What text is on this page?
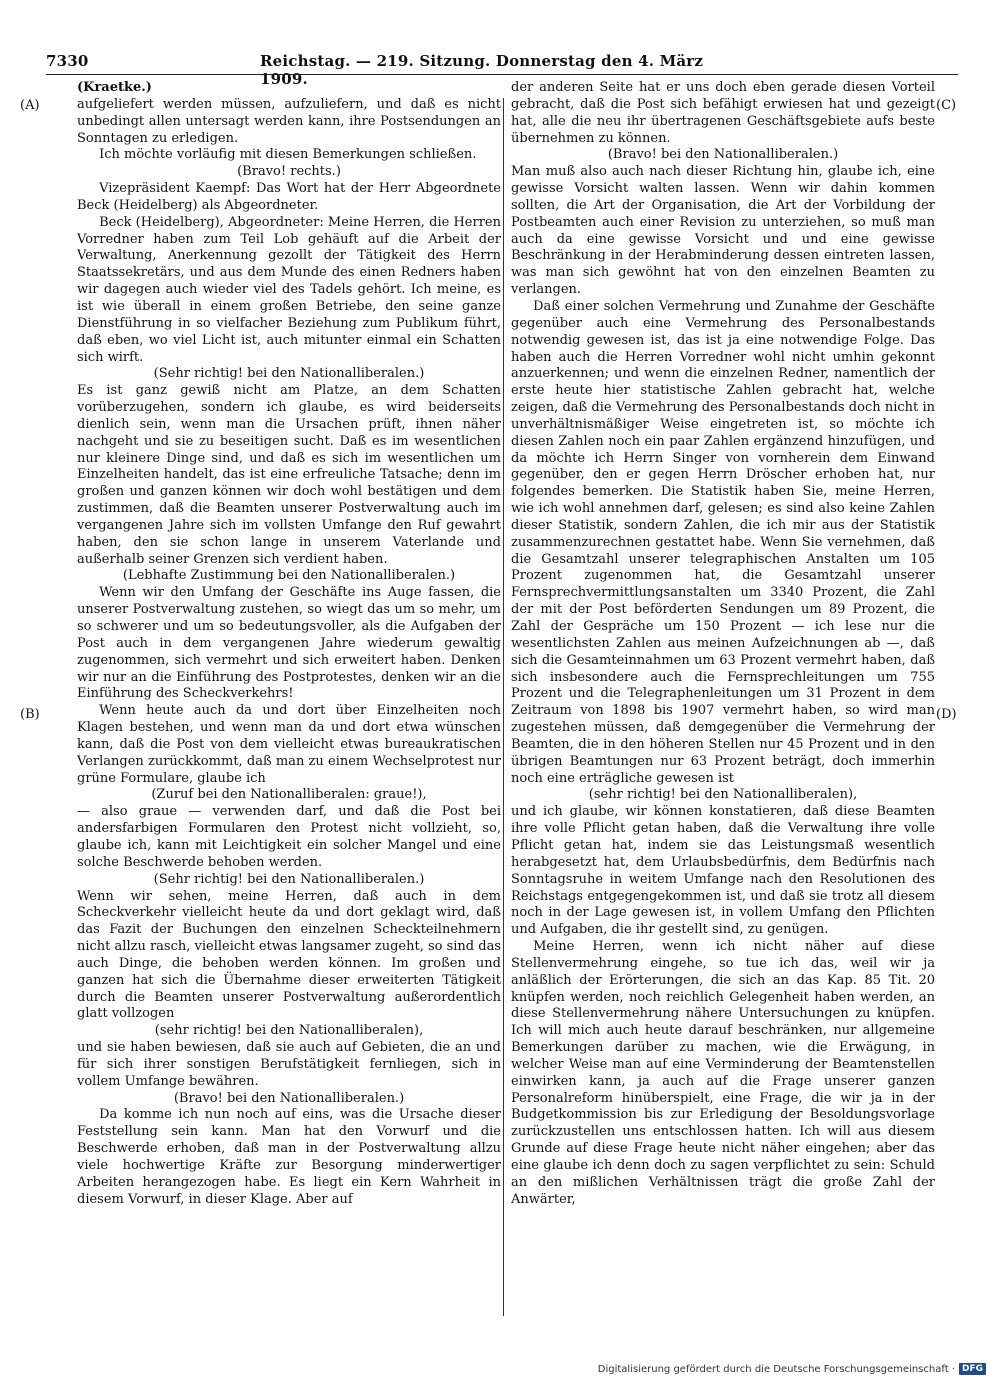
7330	Reichstag. — 219. Sitzung. Donnerstag den 4. März 1909.
(A)
(B)
(C)
(D)

(Kraetke.)

aufgeliefert werden müssen, aufzuliefern, und daß es nicht unbedingt allen untersagt werden kann, ihre Postsendungen an Sonntagen zu erledigen.

Ich möchte vorläufig mit diesen Bemerkungen schließen.

(Bravo! rechts.)

Vizepräsident Kaempf: Das Wort hat der Herr Abgeordnete Beck (Heidelberg) als Abgeordneter.

Beck (Heidelberg), Abgeordneter: Meine Herren, die Herren Vorredner haben zum Teil Lob gehäuft auf die Arbeit der Verwaltung, Anerkennung gezollt der Tätigkeit des Herrn Staatssekretärs, und aus dem Munde des einen Redners haben wir dagegen auch wieder viel des Tadels gehört. Ich meine, es ist wie überall in einem großen Betriebe, den seine ganze Dienstführung in so vielfacher Beziehung zum Publikum führt, daß eben, wo viel Licht ist, auch mitunter einmal ein Schatten sich wirft.

(Sehr richtig! bei den Nationalliberalen.)

Es ist ganz gewiß nicht am Platze, an dem Schatten vorüberzugehen, sondern ich glaube, es wird beiderseits dienlich sein, wenn man die Ursachen prüft, ihnen näher nachgeht und sie zu beseitigen sucht. Daß es im wesentlichen nur kleinere Dinge sind, und daß es sich im wesentlichen um Einzelheiten handelt, das ist eine erfreuliche Tatsache; denn im großen und ganzen können wir doch wohl bestätigen und dem zustimmen, daß die Beamten unserer Postverwaltung auch im vergangenen Jahre sich im vollsten Umfange den Ruf gewahrt haben, den sie schon lange in unserem Vaterlande und außerhalb seiner Grenzen sich verdient haben.

(Lebhafte Zustimmung bei den Nationalliberalen.)

Wenn wir den Umfang der Geschäfte ins Auge fassen, die unserer Postverwaltung zustehen, so wiegt das um so mehr, um so schwerer und um so bedeutungsvoller, als die Aufgaben der Post auch in dem vergangenen Jahre wiederum gewaltig zugenommen, sich vermehrt und sich erweitert haben. Denken wir nur an die Einführung des Postprotestes, denken wir an die Einführung des Scheckverkehrs!

Wenn heute auch da und dort über Einzelheiten noch Klagen bestehen, und wenn man da und dort etwa wünschen kann, daß die Post von dem vielleicht etwas bureaukratischen Verlangen zurückkommt, daß man zu einem Wechselprotest nur grüne Formulare, glaube ich

(Zuruf bei den Nationalliberalen: graue!),

— also graue — verwenden darf, und daß die Post bei andersfarbigen Formularen den Protest nicht vollzieht, so, glaube ich, kann mit Leichtigkeit ein solcher Mangel und eine solche Beschwerde behoben werden.

(Sehr richtig! bei den Nationalliberalen.)

Wenn wir sehen, meine Herren, daß auch in dem Scheckverkehr vielleicht heute da und dort geklagt wird, daß das Fazit der Buchungen den einzelnen Scheckteilnehmern nicht allzu rasch, vielleicht etwas langsamer zugeht, so sind das auch Dinge, die behoben werden können. Im großen und ganzen hat sich die Übernahme dieser erweiterten Tätigkeit durch die Beamten unserer Postverwaltung außerordentlich glatt vollzogen

(sehr richtig! bei den Nationalliberalen),

und sie haben bewiesen, daß sie auch auf Gebieten, die an und für sich ihrer sonstigen Berufstätigkeit fernliegen, sich in vollem Umfange bewähren.

(Bravo! bei den Nationalliberalen.)

Da komme ich nun noch auf eins, was die Ursache dieser Feststellung sein kann. Man hat den Vorwurf und die Beschwerde erhoben, daß man in der Postverwaltung allzu viele hochwertige Kräfte zur Besorgung minderwertiger Arbeiten herangezogen habe. Es liegt ein Kern Wahrheit in diesem Vorwurf, in dieser Klage. Aber auf

der anderen Seite hat er uns doch eben gerade diesen Vorteil gebracht, daß die Post sich befähigt erwiesen hat und gezeigt hat, alle die neu ihr übertragenen Geschäftsgebiete aufs beste übernehmen zu können.

(Bravo! bei den Nationalliberalen.)

Man muß also auch nach dieser Richtung hin, glaube ich, eine gewisse Vorsicht walten lassen. Wenn wir dahin kommen sollten, die Art der Organisation, die Art der Vorbildung der Postbeamten auch einer Revision zu unterziehen, so muß man auch da eine gewisse Vorsicht und und eine gewisse Beschränkung in der Herabminderung dessen eintreten lassen, was man sich gewöhnt hat von den einzelnen Beamten zu verlangen.

Daß einer solchen Vermehrung und Zunahme der Geschäfte gegenüber auch eine Vermehrung des Personalbestands notwendig gewesen ist, das ist ja eine notwendige Folge. Das haben auch die Herren Vorredner wohl nicht umhin gekonnt anzuerkennen; und wenn die einzelnen Redner, namentlich der erste heute hier statistische Zahlen gebracht hat, welche zeigen, daß die Vermehrung des Personalbestands doch nicht in unverhältnismäßiger Weise eingetreten ist, so möchte ich diesen Zahlen noch ein paar Zahlen ergänzend hinzufügen, und da möchte ich Herrn Singer von vornherein dem Einwand gegenüber, den er gegen Herrn Dröscher erhoben hat, nur folgendes bemerken. Die Statistik haben Sie, meine Herren, wie ich wohl annehmen darf, gelesen; es sind also keine Zahlen dieser Statistik, sondern Zahlen, die ich mir aus der Statistik zusammenzurechnen gestattet habe. Wenn Sie vernehmen, daß die Gesamtzahl unserer telegraphischen Anstalten um 105 Prozent zugenommen hat, die Gesamtzahl unserer Fernsprechvermittlungsanstalten um 3340 Prozent, die Zahl der mit der Post beförderten Sendungen um 89 Prozent, die Zahl der Gespräche um 150 Prozent — ich lese nur die wesentlichsten Zahlen aus meinen Aufzeichnungen ab —, daß sich die Gesamteinnahmen um 63 Prozent vermehrt haben, daß sich insbesondere auch die Fernsprechleitungen um 755 Prozent und die Telegraphenleitungen um 31 Prozent in dem Zeitraum von 1898 bis 1907 vermehrt haben, so wird man zugestehen müssen, daß demgegenüber die Vermehrung der Beamten, die in den höheren Stellen nur 45 Prozent und in den übrigen Beamtungen nur 63 Prozent beträgt, doch immerhin noch eine erträgliche gewesen ist

(sehr richtig! bei den Nationalliberalen),

und ich glaube, wir können konstatieren, daß diese Beamten ihre volle Pflicht getan haben, daß die Verwaltung ihre volle Pflicht getan hat, indem sie das Leistungsmaß wesentlich herabgesetzt hat, dem Urlaubsbedürfnis, dem Bedürfnis nach Sonntagsruhe in weitem Umfange nach den Resolutionen des Reichstags entgegengekommen ist, und daß sie trotz all diesem noch in der Lage gewesen ist, in vollem Umfang den Pflichten und Aufgaben, die ihr gestellt sind, zu genügen.

Meine Herren, wenn ich nicht näher auf diese Stellenvermehrung eingehe, so tue ich das, weil wir ja anläßlich der Erörterungen, die sich an das Kap. 85 Tit. 20 knüpfen werden, noch reichlich Gelegenheit haben werden, an diese Stellenvermehrung nähere Untersuchungen zu knüpfen. Ich will mich auch heute darauf beschränken, nur allgemeine Bemerkungen darüber zu machen, wie die Erwägung, in welcher Weise man auf eine Verminderung der Beamtenstellen einwirken kann, ja auch auf die Frage unserer ganzen Personalreform hinüberspielt, eine Frage, die wir ja in der Budgetkommission bis zur Erledigung der Besoldungsvorlage zurückzustellen uns entschlossen hatten. Ich will aus diesem Grunde auf diese Frage heute nicht näher eingehen; aber das eine glaube ich denn doch zu sagen verpflichtet zu sein: Schuld an den mißlichen Verhältnissen trägt die große Zahl der Anwärter,

Digitalisierung gefördert durch die Deutsche Forschungsgemeinschaft · DFG
